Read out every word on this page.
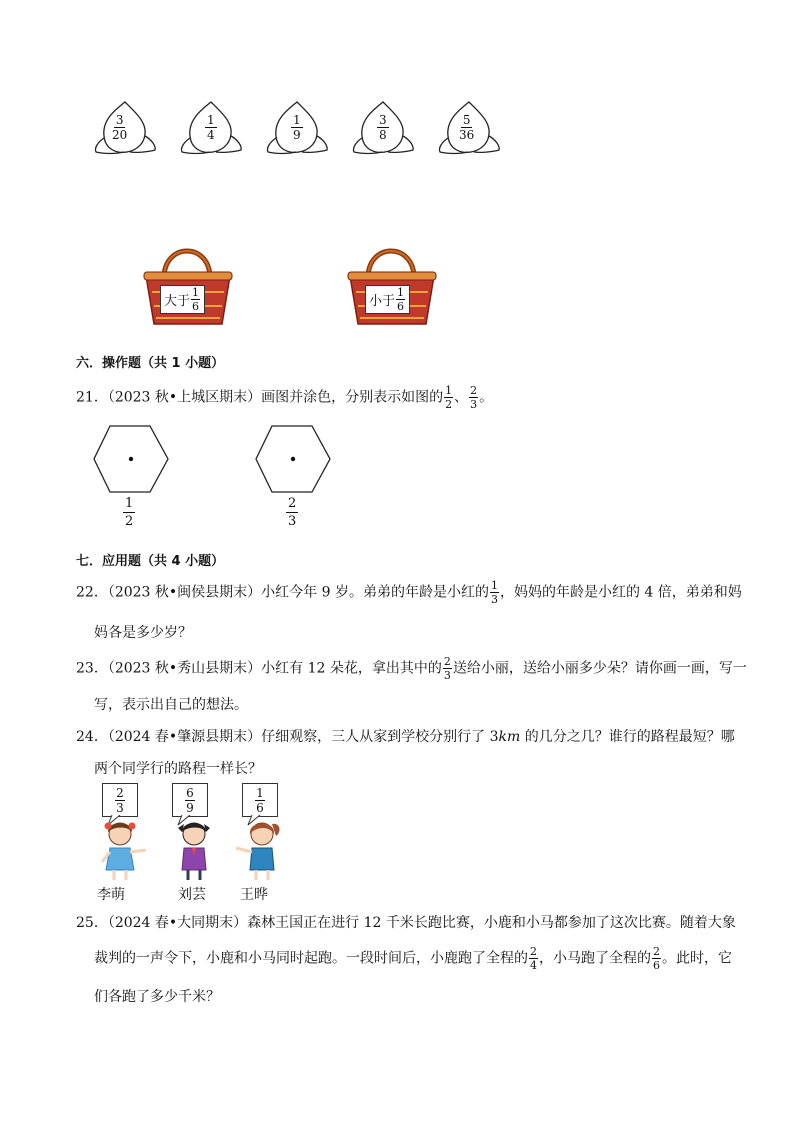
$\frac{3}{20}$	$\frac{1}{4}$	$\frac{1}{9}$	$\frac{3}{8}$	$\frac{5}{36}$
大于 $\frac{1}{6}$	小于 $\frac{1}{6}$
六．操作题（共 1 小题）
21．（2023 秋•上城区期末）画图并涂色，分别表示如图的 $\frac{1}{2}$ 、 $\frac{2}{3}$ 。
$\frac{1}{2}$	$\frac{2}{3}$
七．应用题（共 4 小题）
22．（2023 秋•闽侯县期末）小红今年 9 岁。弟弟的年龄是小红的 $\frac{1}{3}$ ，妈妈的年龄是小红的 4 倍，弟弟和妈
妈各是多少岁？
23．（2023 秋•秀山县期末）小红有 12 朵花，拿出其中的 $\frac{2}{3}$ 送给小丽，送给小丽多少朵？请你画一画，写一
写，表示出自己的想法。
24．（2024 春•肇源县期末）仔细观察，三人从家到学校分别行了 3km 的几分之几？谁行的路程最短？哪
两个同学行的路程一样长？
$\frac{2}{3}$	$\frac{6}{9}$	$\frac{1}{6}$
李萌	刘芸 王晔
25．（2024 春•大同期末）森林王国正在进行 12 千米长跑比赛，小鹿和小马都参加了这次比赛。随着大象
裁判的一声令下，小鹿和小马同时起跑。一段时间后，小鹿跑了全程的 $\frac{2}{4}$ ，小马跑了全程的 $\frac{2}{6}$ 。此时，它
们各跑了多少千米？
